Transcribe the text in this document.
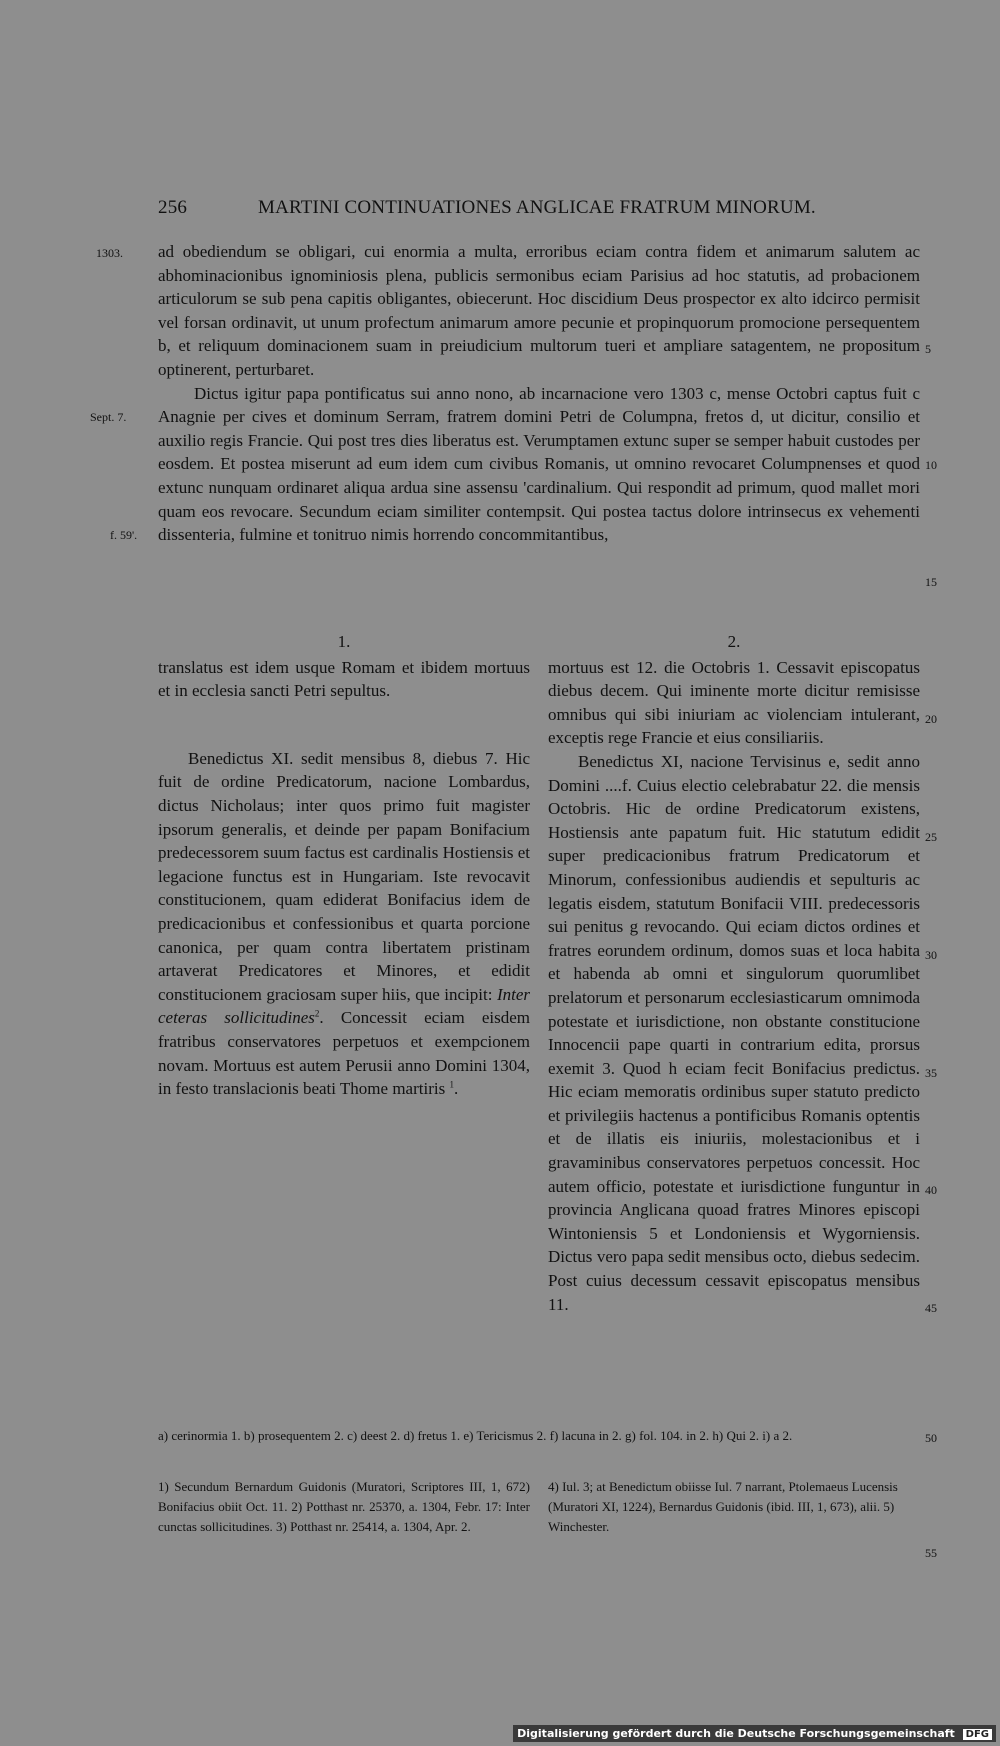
256	MARTINI CONTINUATIONES ANGLICAE FRATRUM MINORUM.
1303.
Sept. 7.
f. 59'.
5
10
15
20
25
30
35
40
45
50
55

ad obediendum se obligari, cui enormia a multa, erroribus eciam contra fidem et animarum salutem ac abhominacionibus ignominiosis plena, publicis sermonibus eciam Parisius ad hoc statutis, ad probacionem articulorum se sub pena capitis obligantes, obiecerunt. Hoc discidium Deus prospector ex alto idcirco permisit vel forsan ordinavit, ut unum profectum animarum amore pecunie et propinquorum promocione persequentem b, et reliquum dominacionem suam in preiudicium multorum tueri et ampliare satagentem, ne propositum optinerent, perturbaret.

Dictus igitur papa pontificatus sui anno nono, ab incarnacione vero 1303 c, mense Octobri captus fuit c Anagnie per cives et dominum Serram, fratrem domini Petri de Columpna, fretos d, ut dicitur, consilio et auxilio regis Francie. Qui post tres dies liberatus est. Verumptamen extunc super se semper habuit custodes per eosdem. Et postea miserunt ad eum idem cum civibus Romanis, ut omnino revocaret Columpnenses et quod extunc nunquam ordinaret aliqua ardua sine assensu 'cardinalium. Qui respondit ad primum, quod mallet mori quam eos revocare. Secundum eciam similiter contempsit. Qui postea tactus dolore intrinsecus ex vehementi dissenteria, fulmine et tonitruo nimis horrendo concommitantibus,

1.

translatus est idem usque Romam et ibidem mortuus et in ecclesia sancti Petri sepultus.

Benedictus XI. sedit mensibus 8, diebus 7. Hic fuit de ordine Predicatorum, nacione Lombardus, dictus Nicholaus; inter quos primo fuit magister ipsorum generalis, et deinde per papam Bonifacium predecessorem suum factus est cardinalis Hostiensis et legacione functus est in Hungariam. Iste revocavit constitucionem, quam ediderat Bonifacius idem de predicacionibus et confessionibus et quarta porcione canonica, per quam contra libertatem pristinam artaverat Predicatores et Minores, et edidit constitucionem graciosam super hiis, que incipit: Inter ceteras sollicitudines$^2$. Concessit eciam eisdem fratribus conservatores perpetuos et exempcionem novam. Mortuus est autem Perusii anno Domini 1304, in festo translacionis beati Thome martiris $^1$.

2.

mortuus est 12. die Octobris 1. Cessavit episcopatus diebus decem. Qui iminente morte dicitur remisisse omnibus qui sibi iniuriam ac violenciam intulerant, exceptis rege Francie et eius consiliariis.

Benedictus XI, nacione Tervisinus e, sedit anno Domini ....f. Cuius electio celebrabatur 22. die mensis Octobris. Hic de ordine Predicatorum existens, Hostiensis ante papatum fuit. Hic statutum edidit super predicacionibus fratrum Predicatorum et Minorum, confessionibus audiendis et sepulturis ac legatis eisdem, statutum Bonifacii VIII. predecessoris sui penitus g revocando. Qui eciam dictos ordines et fratres eorundem ordinum, domos suas et loca habita et habenda ab omni et singulorum quorumlibet prelatorum et personarum ecclesiasticarum omnimoda potestate et iurisdictione, non obstante constitucione Innocencii pape quarti in contrarium edita, prorsus exemit 3. Quod h eciam fecit Bonifacius predictus. Hic eciam memoratis ordinibus super statuto predicto et privilegiis hactenus a pontificibus Romanis optentis et de illatis eis iniuriis, molestacionibus et i gravaminibus conservatores perpetuos concessit. Hoc autem officio, potestate et iurisdictione funguntur in provincia Anglicana quoad fratres Minores episcopi Wintoniensis 5 et Londoniensis et Wygorniensis. Dictus vero papa sedit mensibus octo, diebus sedecim. Post cuius decessum cessavit episcopatus mensibus 11.

a) cerinormia 1. b) prosequentem 2. c) deest 2. d) fretus 1. e) Tericismus 2. f) lacuna in 2. g) fol. 104. in 2. h) Qui 2. i) a 2.
1) Secundum Bernardum Guidonis (Muratori, Scriptores III, 1, 672) Bonifacius obiit Oct. 11. 2) Potthast nr. 25370, a. 1304, Febr. 17: Inter cunctas sollicitudines. 3) Potthast nr. 25414, a. 1304, Apr. 2.
4) Iul. 3; at Benedictum obiisse Iul. 7 narrant, Ptolemaeus Lucensis (Muratori XI, 1224), Bernardus Guidonis (ibid. III, 1, 673), alii. 5) Winchester.
Digitalisierung gefördert durch die Deutsche Forschungsgemeinschaft DFG
